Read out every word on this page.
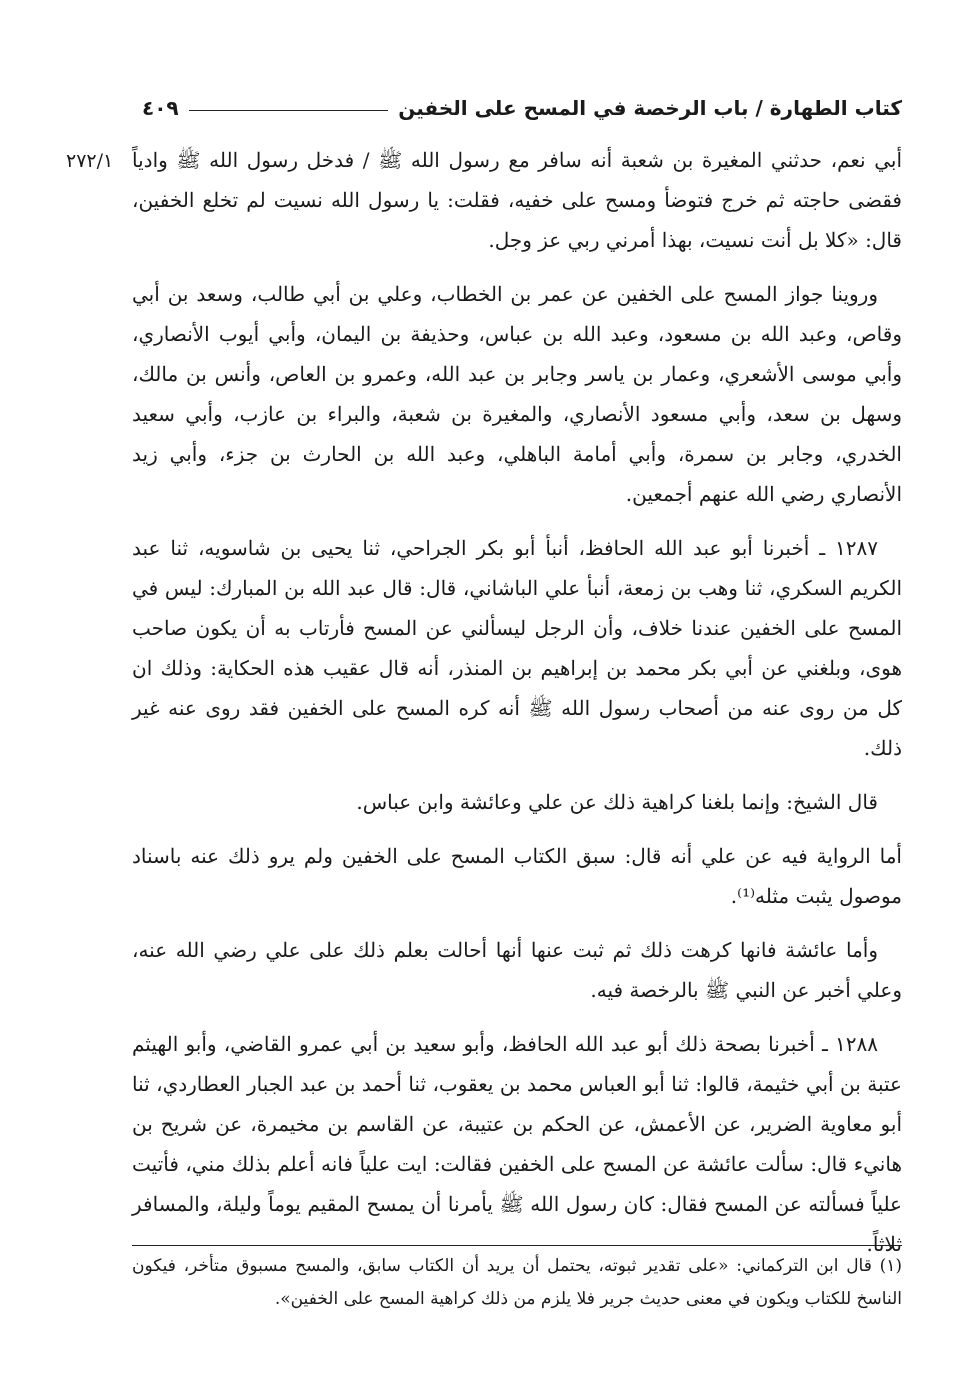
كتاب الطهارة / باب الرخصة في المسح على الخفين
٤٠٩
٢٧٢/١ أبي نعم، حدثني المغيرة بن شعبة أنه سافر مع رسول الله ﷺ / فدخل رسول الله ﷺ وادياً فقضى حاجته ثم خرج فتوضأ ومسح على خفيه، فقلت: يا رسول الله نسيت لم تخلع الخفين، قال: «كلا بل أنت نسيت، بهذا أمرني ربي عز وجل.

وروينا جواز المسح على الخفين عن عمر بن الخطاب، وعلي بن أبي طالب، وسعد بن أبي وقاص، وعبد الله بن مسعود، وعبد الله بن عباس، وحذيفة بن اليمان، وأبي أيوب الأنصاري، وأبي موسى الأشعري، وعمار بن ياسر وجابر بن عبد الله، وعمرو بن العاص، وأنس بن مالك، وسهل بن سعد، وأبي مسعود الأنصاري، والمغيرة بن شعبة، والبراء بن عازب، وأبي سعيد الخدري، وجابر بن سمرة، وأبي أمامة الباهلي، وعبد الله بن الحارث بن جزء، وأبي زيد الأنصاري رضي الله عنهم أجمعين.

١٢٨٧ ـ أخبرنا أبو عبد الله الحافظ، أنبأ أبو بكر الجراحي، ثنا يحيى بن شاسويه، ثنا عبد الكريم السكري، ثنا وهب بن زمعة، أنبأ علي الباشاني، قال: قال عبد الله بن المبارك: ليس في المسح على الخفين عندنا خلاف، وأن الرجل ليسألني عن المسح فأرتاب به أن يكون صاحب هوى، وبلغني عن أبي بكر محمد بن إبراهيم بن المنذر، أنه قال عقيب هذه الحكاية: وذلك ان كل من روى عنه من أصحاب رسول الله ﷺ أنه كره المسح على الخفين فقد روى عنه غير ذلك.

قال الشيخ: وإنما بلغنا كراهية ذلك عن علي وعائشة وابن عباس.

أما الرواية فيه عن علي أنه قال: سبق الكتاب المسح على الخفين ولم يرو ذلك عنه باسناد موصول يثبت مثله⁽¹⁾.

وأما عائشة فانها كرهت ذلك ثم ثبت عنها أنها أحالت بعلم ذلك على علي رضي الله عنه، وعلي أخبر عن النبي ﷺ بالرخصة فيه.

١٢٨٨ ـ أخبرنا بصحة ذلك أبو عبد الله الحافظ، وأبو سعيد بن أبي عمرو القاضي، وأبو الهيثم عتبة بن أبي خثيمة، قالوا: ثنا أبو العباس محمد بن يعقوب، ثنا أحمد بن عبد الجبار العطاردي، ثنا أبو معاوية الضرير، عن الأعمش، عن الحكم بن عتيبة، عن القاسم بن مخيمرة، عن شريح بن هانيء قال: سألت عائشة عن المسح على الخفين فقالت: ايت علياً فانه أعلم بذلك مني، فأتيت علياً فسألته عن المسح فقال: كان رسول الله ﷺ يأمرنا أن يمسح المقيم يوماً وليلة، والمسافر ثلاثاً.

(١) قال ابن التركماني: «على تقدير ثبوته، يحتمل أن يريد أن الكتاب سابق، والمسح مسبوق متأخر، فيكون الناسخ للكتاب ويكون في معنى حديث جرير فلا يلزم من ذلك كراهية المسح على الخفين».
